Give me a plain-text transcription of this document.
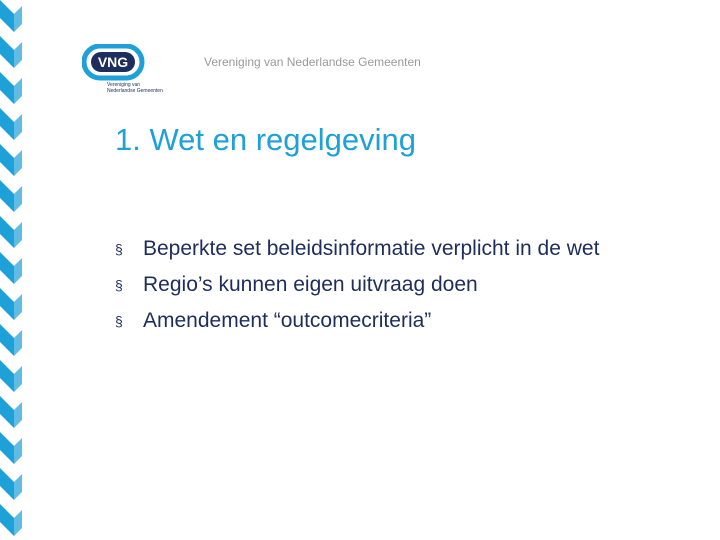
VNG
Vereniging van
Nederlandse Gemeenten
Vereniging van Nederlandse Gemeenten
1. Wet en regelgeving
§ Beperkte set beleidsinformatie verplicht in de wet
§ Regio’s kunnen eigen uitvraag doen
§ Amendement “outcomecriteria”
